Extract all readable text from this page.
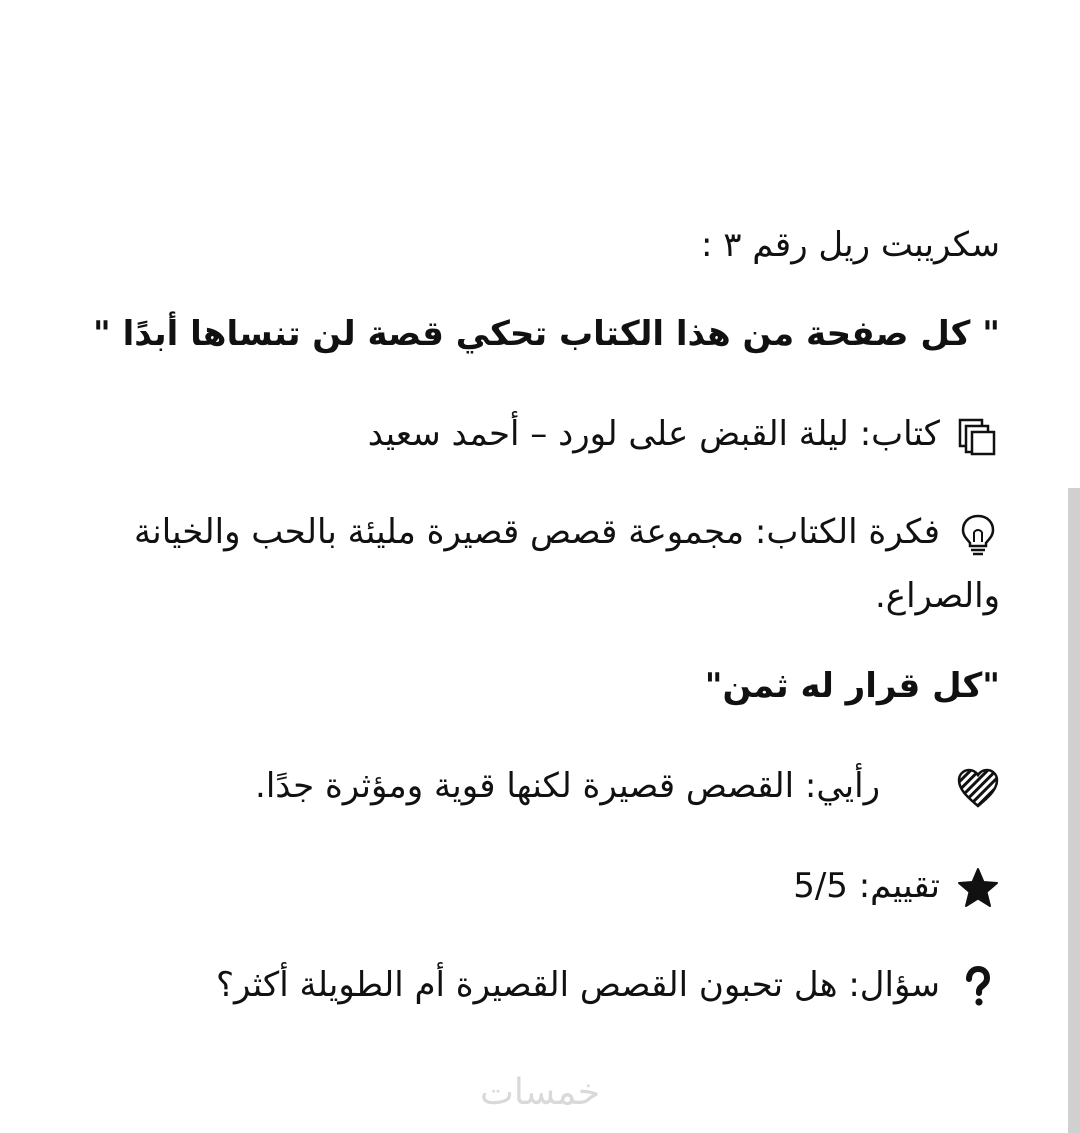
سكريبت ريل رقم ٣ :
" كل صفحة من هذا الكتاب تحكي قصة لن تنساها أبدًا "
كتاب: ليلة القبض على لورد – أحمد سعيد
فكرة الكتاب: مجموعة قصص قصيرة مليئة بالحب والخيانة والصراع.
"كل قرار له ثمن"
رأيي: القصص قصيرة لكنها قوية ومؤثرة جدًا.
تقييم: 5/5
سؤال: هل تحبون القصص القصيرة أم الطويلة أكثر؟
خمسات
